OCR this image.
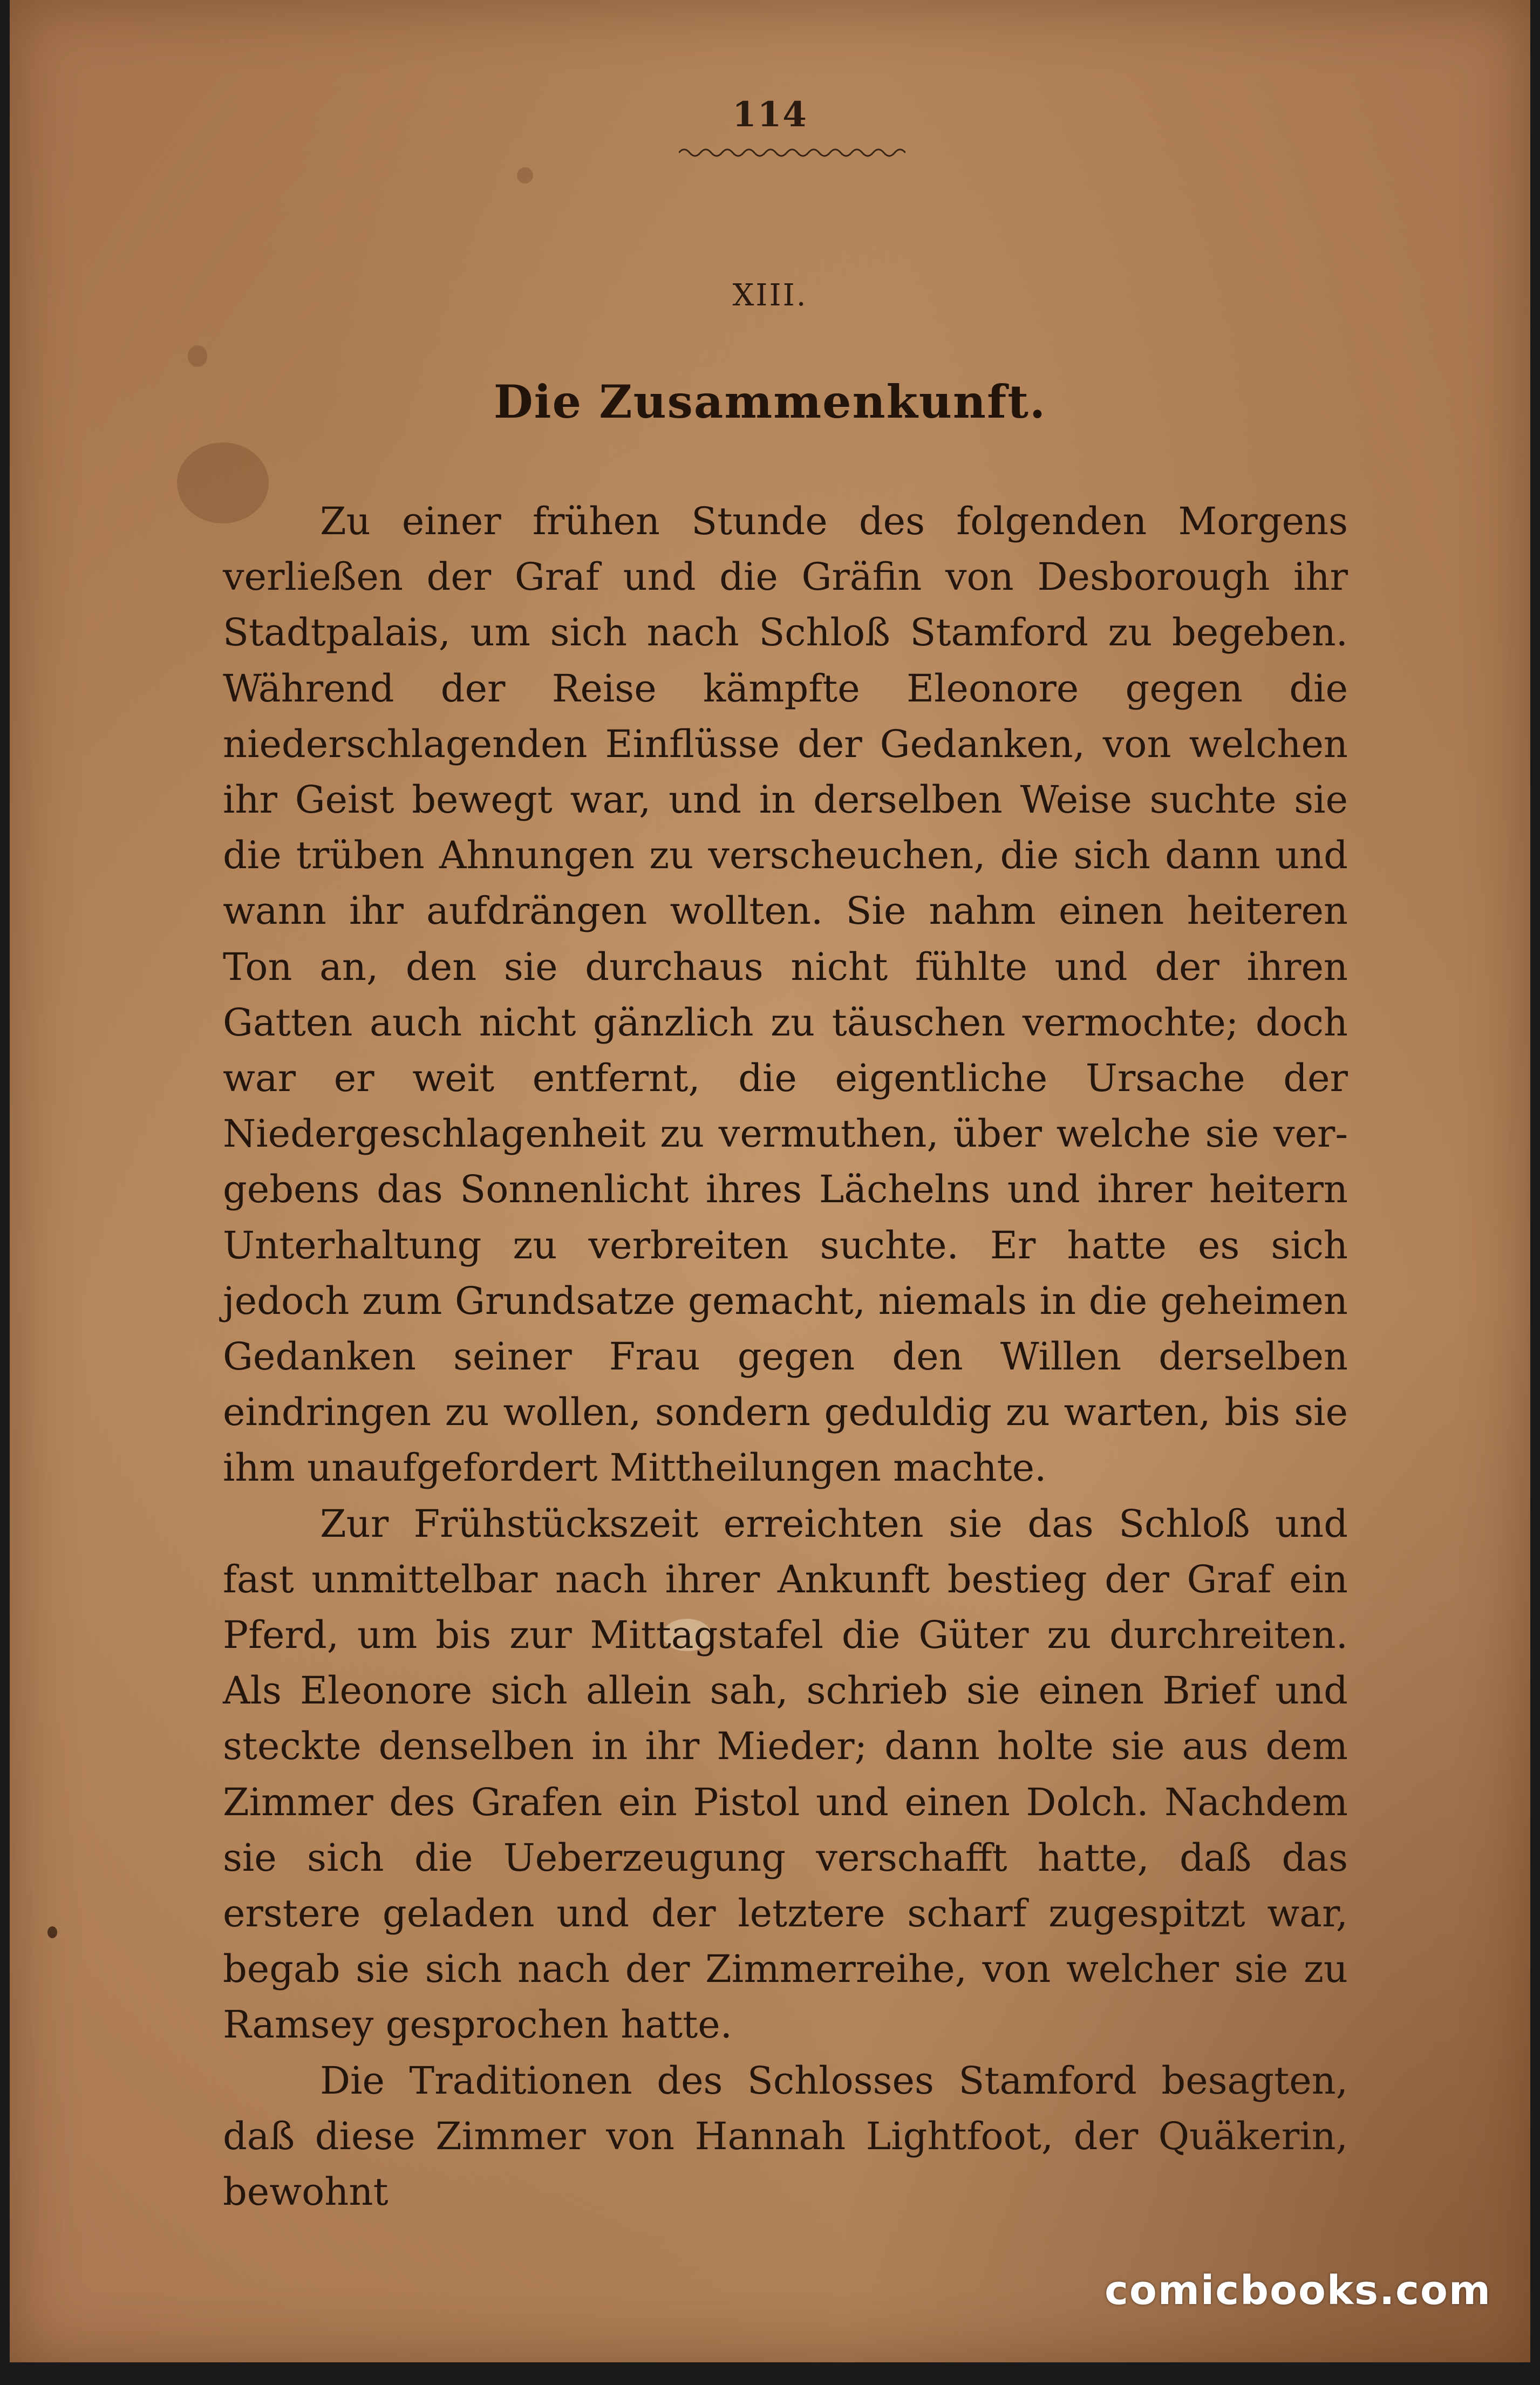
114
XIII.
Die Zusammenkunft.

Zu einer frühen Stunde des folgenden Morgens verließen der Graf und die Gräfin von Desborough ihr Stadtpalais, um sich nach Schloß Stamford zu begeben. Während der Reise kämpfte Eleonore gegen die niederschlagenden Einflüsse der Gedanken, von welchen ihr Geist bewegt war, und in derselben Weise suchte sie die trüben Ahnungen zu verscheuchen, die sich dann und wann ihr aufdrängen wollten. Sie nahm einen heiteren Ton an, den sie durchaus nicht fühlte und der ihren Gatten auch nicht gänzlich zu täuschen vermochte; doch war er weit entfernt, die eigentliche Ursache der Niedergeschlagenheit zu vermuthen, über welche sie vergebens das Sonnenlicht ihres Lächelns und ihrer heitern Unterhaltung zu verbreiten suchte. Er hatte es sich jedoch zum Grundsatze gemacht, niemals in die geheimen Gedanken seiner Frau gegen den Willen derselben eindringen zu wollen, sondern geduldig zu warten, bis sie ihm unaufgefordert Mittheilungen machte.

Zur Frühstückszeit erreichten sie das Schloß und fast unmittelbar nach ihrer Ankunft bestieg der Graf ein Pferd, um bis zur Mittagstafel die Güter zu durchreiten. Als Eleonore sich allein sah, schrieb sie einen Brief und steckte denselben in ihr Mieder; dann holte sie aus dem Zimmer des Grafen ein Pistol und einen Dolch. Nachdem sie sich die Ueberzeugung verschafft hatte, daß das erstere geladen und der letztere scharf zugespitzt war, begab sie sich nach der Zimmerreihe, von welcher sie zu Ramsey gesprochen hatte.

Die Traditionen des Schlosses Stamford besagten, daß diese Zimmer von Hannah Lightfoot, der Quäkerin, bewohnt

comicbooks.com
